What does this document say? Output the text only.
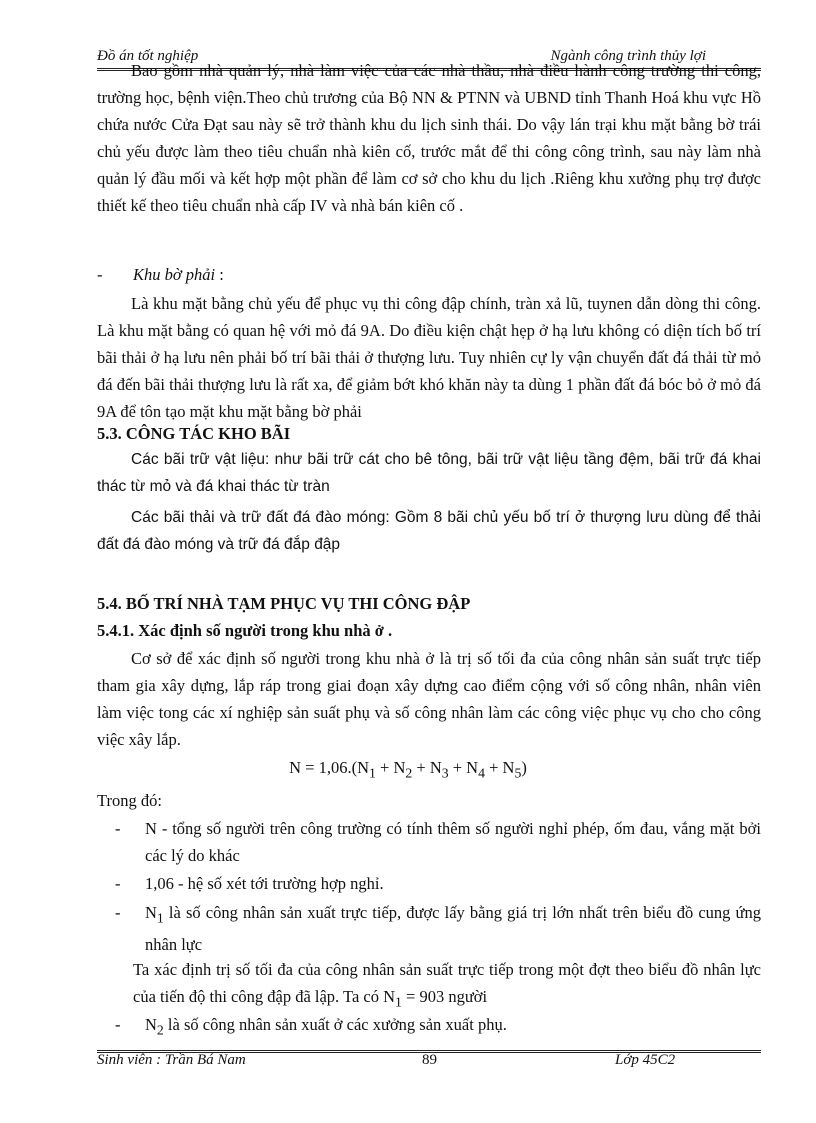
Đồ án tốt nghiệp	Ngành công trình thủy lợi

Bao gồm nhà quản lý, nhà làm việc của các nhà thầu, nhà điều hành công trường thi công, trường học, bệnh viện.Theo chủ trương của Bộ NN & PTNN và UBND tỉnh Thanh Hoá khu vực Hồ chứa nước Cửa Đạt sau này sẽ trở thành khu du lịch sinh thái. Do vậy lán trại khu mặt bằng bờ trái chủ yếu được làm theo tiêu chuẩn nhà kiên cố, trước mắt để thi công công trình, sau này làm nhà quản lý đầu mối và kết hợp một phần để làm cơ sở cho khu du lịch .Riêng khu xưởng phụ trợ được thiết kế theo tiêu chuẩn nhà cấp IV và nhà bán kiên cố .

-	Khu bờ phải :

Là khu mặt bằng chủ yếu để phục vụ thi công đập chính, tràn xả lũ, tuynen dẫn dòng thi công. Là khu mặt bằng có quan hệ với mỏ đá 9A. Do điều kiện chật hẹp ở hạ lưu không có diện tích bố trí bãi thải ở hạ lưu nên phải bố trí bãi thải ở thượng lưu. Tuy nhiên cự ly vận chuyển đất đá thải từ mỏ đá đến bãi thải thượng lưu là rất xa, để giảm bớt khó khăn này ta dùng 1 phần đất đá bóc bỏ ở mỏ đá 9A để tôn tạo mặt khu mặt bằng bờ phải

5.3. CÔNG TÁC KHO BÃI

Các bãi trữ vật liệu: như bãi trữ cát cho bê tông, bãi trữ vật liệu tầng đệm, bãi trữ đá khai thác từ mỏ và đá khai thác từ tràn

Các bãi thải và trữ đất đá đào móng: Gồm 8 bãi chủ yếu bố trí ở thượng lưu dùng để thải đất đá đào móng và trữ đá đắp đập

5.4. BỐ TRÍ NHÀ TẠM PHỤC VỤ THI CÔNG ĐẬP

5.4.1. Xác định số người trong khu nhà ở .

Cơ sở để xác định số người trong khu nhà ở là trị số tối đa của công nhân sản suất trực tiếp tham gia xây dựng, lắp ráp trong giai đoạn xây dựng cao điểm cộng với số công nhân, nhân viên làm việc tong các xí nghiệp sản suất phụ và số công nhân làm các công việc phục vụ cho cho công việc xây lắp.

$N = 1,06.(N_1 + N_2 + N_3 + N_4 + N_5)$

Trong đó:

-	N - tổng số người trên công trường có tính thêm số người nghỉ phép, ốm đau, vắng mặt bởi các lý do khác
-	1,06 - hệ số xét tới trường hợp nghỉ.
-	$N_1$ là số công nhân sản xuất trực tiếp, được lấy bằng giá trị lớn nhất trên biểu đồ cung ứng nhân lực

Ta xác định trị số tối đa của công nhân sản suất trực tiếp trong một đợt theo biểu đồ nhân lực của tiến độ thi công đập đã lập. Ta có $N_1 = 903$ người

-	$N_2$ là số công nhân sản xuất ở các xưởng sản xuất phụ.
Sinh viên : Trần Bá Nam	89	Lớp 45C2
